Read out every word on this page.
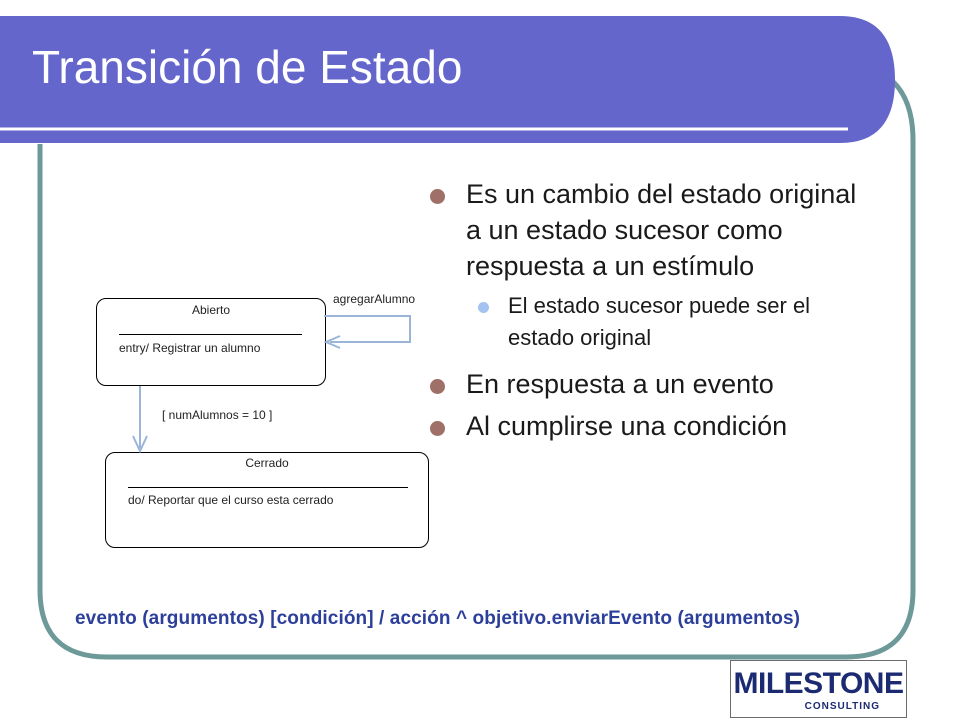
Transición de Estado
Es un cambio del estado original a un estado sucesor como respuesta a un estímulo
El estado sucesor puede ser el estado original
En respuesta a un evento
Al cumplirse una condición
Abierto
entry/ Registrar un alumno
Cerrado
do/ Reportar que el curso esta cerrado
agregarAlumno
[ numAlumnos = 10 ]
evento (argumentos) [condición] / acción ^ objetivo.enviarEvento (argumentos)
MILESTONE
CONSULTING
